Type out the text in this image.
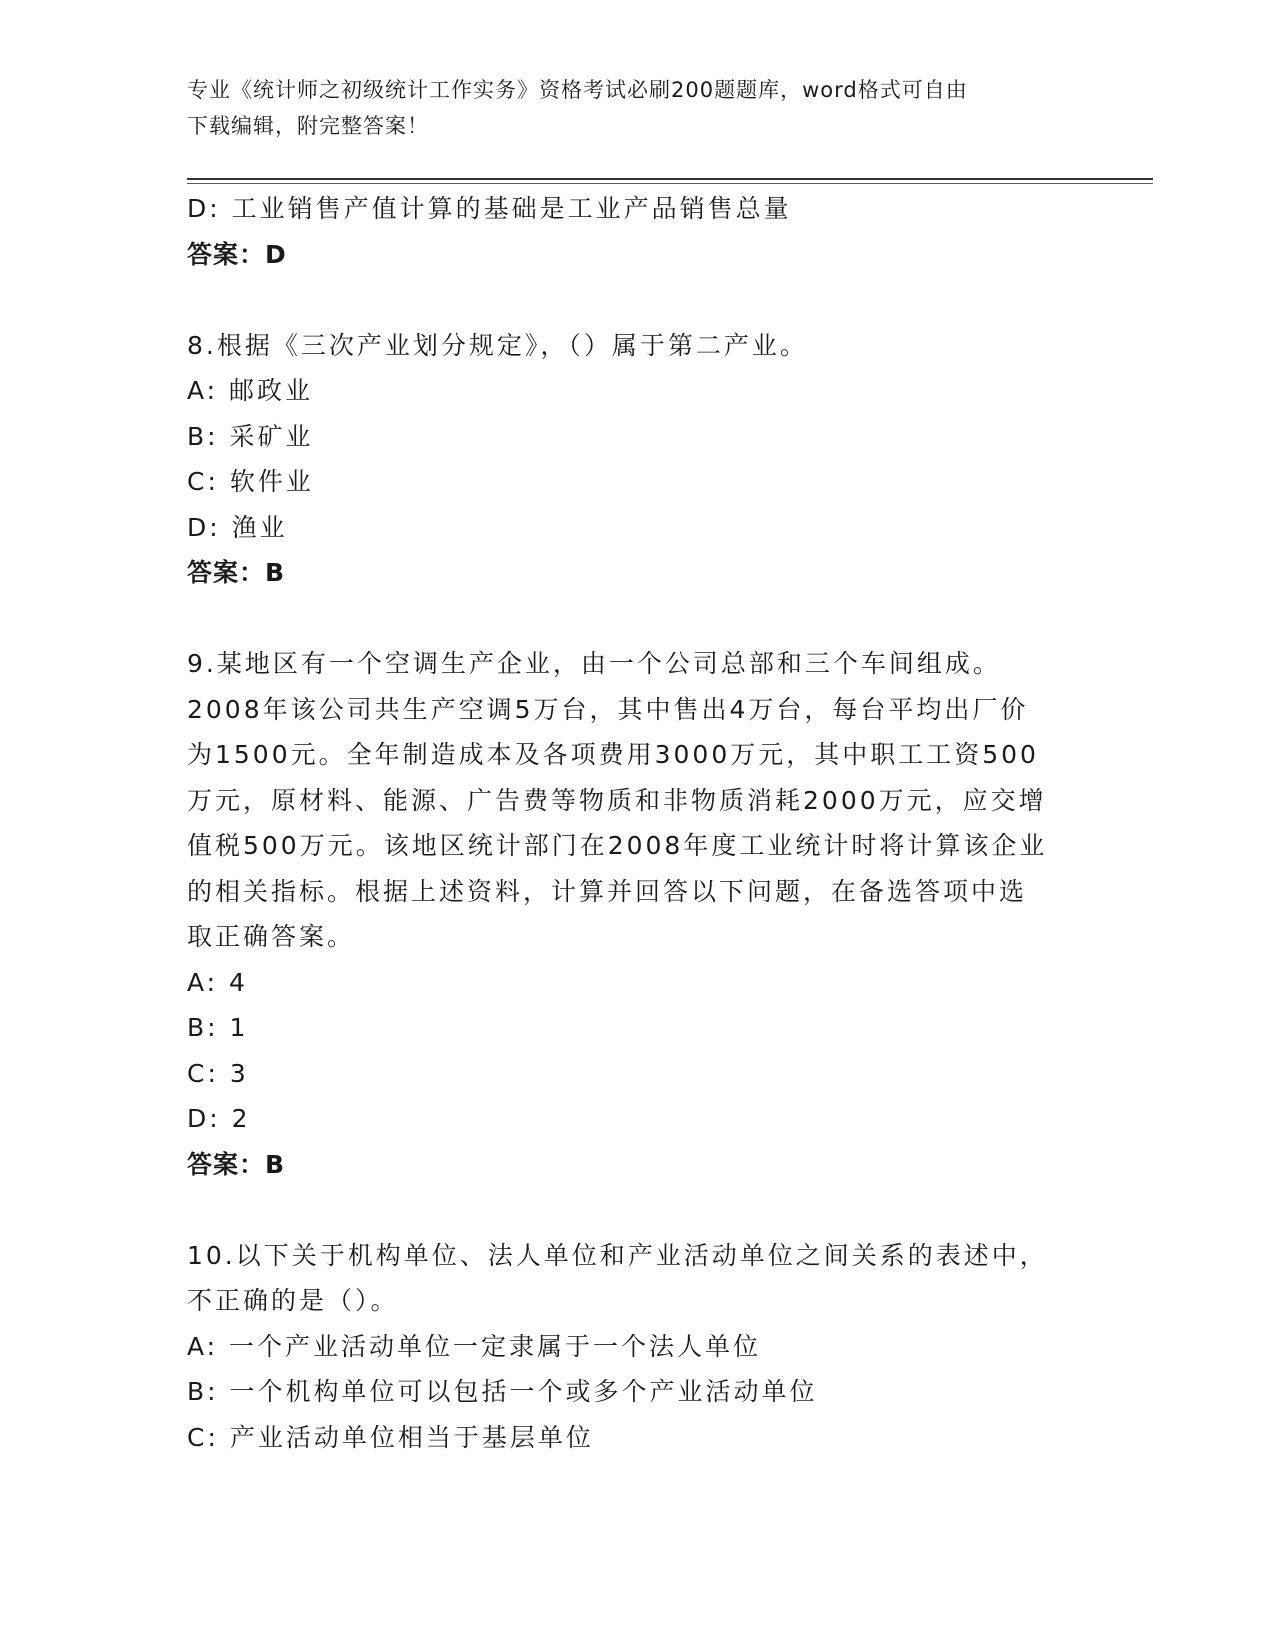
专业《统计师之初级统计工作实务》资格考试必刷200题题库，word格式可自由
下载编辑，附完整答案！
D: 工业销售产值计算的基础是工业产品销售总量
答案：D
8.根据《三次产业划分规定》，（）属于第二产业。
A: 邮政业
B: 采矿业
C: 软件业
D: 渔业
答案：B
9.某地区有一个空调生产企业，由一个公司总部和三个车间组成。
2008年该公司共生产空调5万台，其中售出4万台，每台平均出厂价
为1500元。全年制造成本及各项费用3000万元，其中职工工资500
万元，原材料、能源、广告费等物质和非物质消耗2000万元，应交增
值税500万元。该地区统计部门在2008年度工业统计时将计算该企业
的相关指标。根据上述资料，计算并回答以下问题，在备选答项中选
取正确答案。
A: 4
B: 1
C: 3
D: 2
答案：B
10.以下关于机构单位、法人单位和产业活动单位之间关系的表述中，
不正确的是（）。
A: 一个产业活动单位一定隶属于一个法人单位
B: 一个机构单位可以包括一个或多个产业活动单位
C: 产业活动单位相当于基层单位
